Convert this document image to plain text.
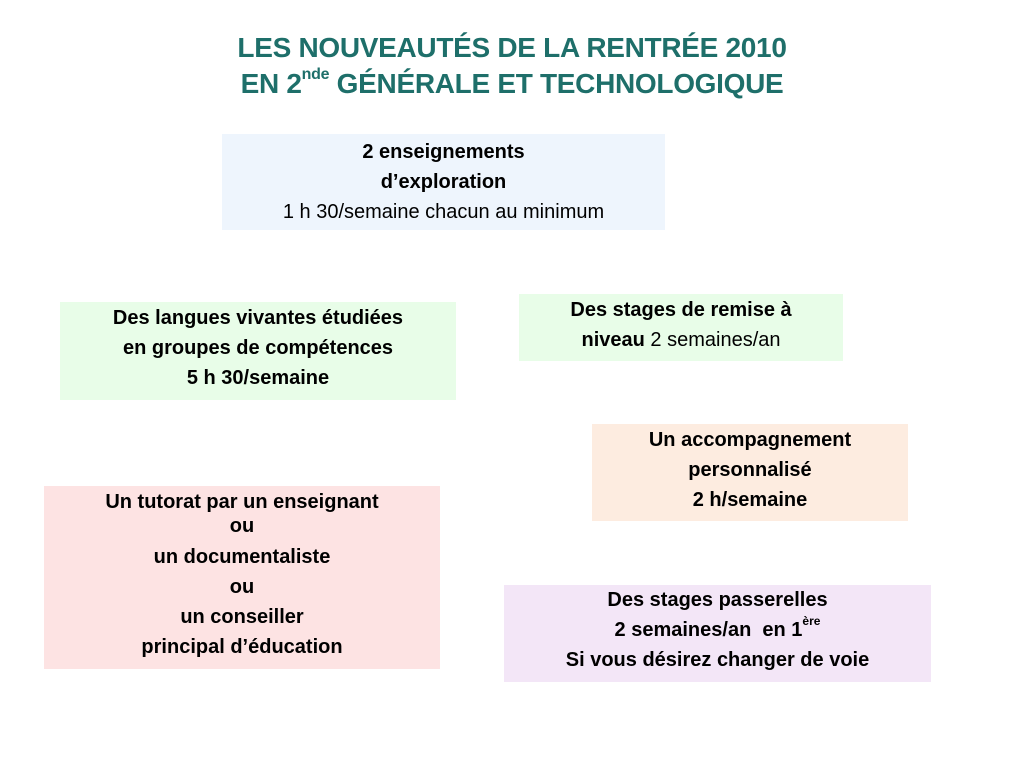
LES NOUVEAUTÉS DE LA RENTRÉE 2010
EN 2nde GÉNÉRALE ET TECHNOLOGIQUE
2 enseignements
d’exploration
1 h 30/semaine chacun au minimum
Des langues vivantes étudiées
en groupes de compétences
5 h 30/semaine
Des stages de remise à
niveau 2 semaines/an
Un accompagnement
personnalisé
2 h/semaine
Un tutorat par un enseignant
ou
un documentaliste
ou
un conseiller
principal d’éducation
Des stages passerelles
2 semaines/an  en 1ère
Si vous désirez changer de voie
